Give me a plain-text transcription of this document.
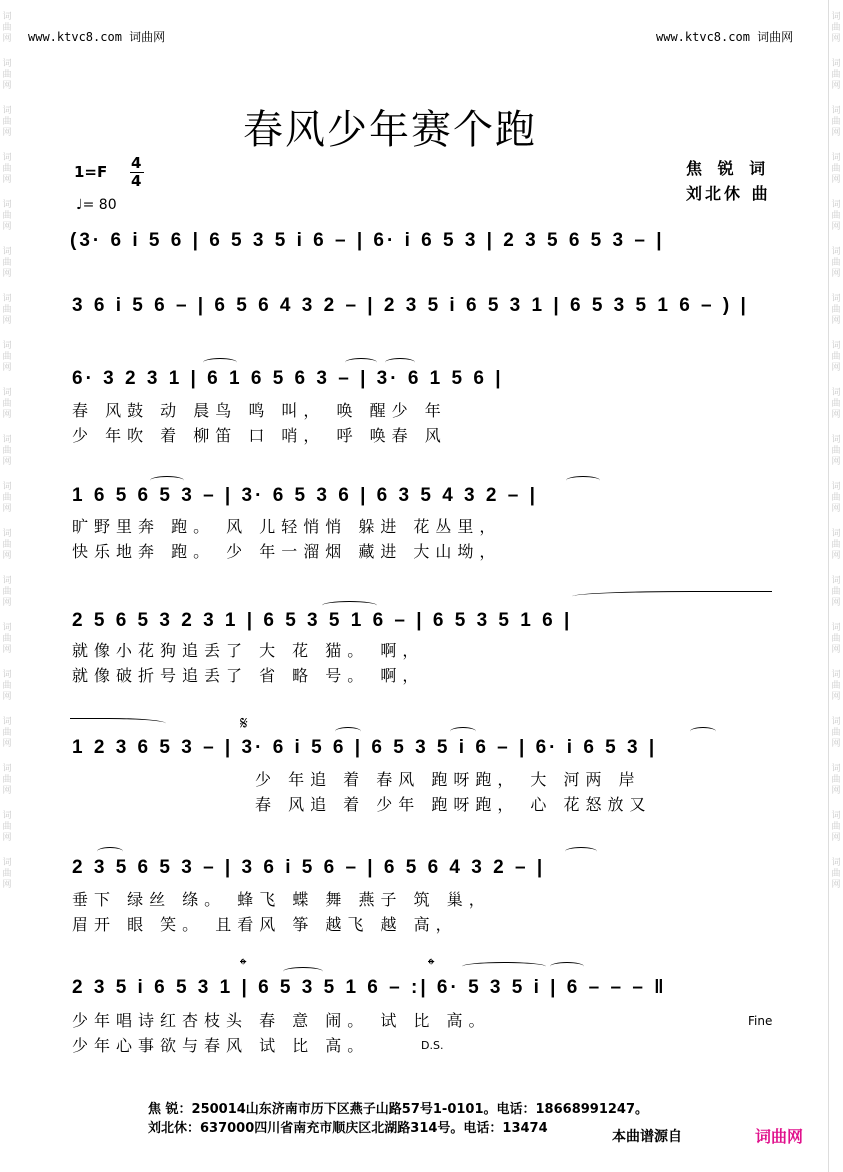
词
曲
网
词
曲
网
词
曲
网
词
曲
网
词
曲
网
词
曲
网
词
曲
网
词
曲
网
词
曲
网
词
曲
网
词
曲
网
词
曲
网
词
曲
网
词
曲
网
词
曲
网
词
曲
网
词
曲
网
词
曲
网
词
曲
网
词
曲
网
词
曲
网
词
曲
网
词
曲
网
词
曲
网
词
曲
网
词
曲
网
词
曲
网
词
曲
网
词
曲
网
词
曲
网
词
曲
网
词
曲
网
词
曲
网
词
曲
网
词
曲
网
词
曲
网
词
曲
网
词
曲
网
www.ktvc8.com 词曲网	www.ktvc8.com 词曲网
春风少年赛个跑
1=F 4
4
♩= 80
焦 锐 词
刘北休 曲
(3· 6 i 5 6 | 6 5 3 5 i 6 – | 6· i 6 5 3 | 2 3 5 6 5 3 – |
3 6 i 5 6 – | 6 5 6 4 3 2 – | 2 3 5 i 6 5 3 1 | 6 5 3 5 1 6 – ) |
6· 3 2 3 1 | 6 1 6 5 6 3 – | 3· 6 1 5 6 |
春 风鼓 动 晨鸟 鸣 叫， 唤 醒少 年
少 年吹 着 柳笛 口 哨， 呼 唤春 风
1 6 5 6 5 3 – | 3· 6 5 3 6 | 6 3 5 4 3 2 – |
旷野里奔 跑。 风 儿轻悄悄 躲进 花丛里，
快乐地奔 跑。 少 年一溜烟 藏进 大山坳，
2 5 6 5 3 2 3 1 | 6 5 3 5 1 6 – | 6 5 3 5 1 6 |
就像小花狗追丢了 大 花 猫。 啊，
就像破折号追丢了 省 略 号。 啊，
𝄋
1 2 3 6 5 3 – | 3· 6 i 5 6 | 6 5 3 5 i 6 – | 6· i 6 5 3 |
少 年追 着 春风 跑呀跑， 大 河两 岸
春 风追 着 少年 跑呀跑， 心 花怒放又
2 3 5 6 5 3 – | 3 6 i 5 6 – | 6 5 6 4 3 2 – |
垂下 绿丝 绦。 蜂飞 蝶 舞 燕子 筑 巢，
眉开 眼 笑。 且看风 筝 越飞 越 高，
𝄌	𝄌
2 3 5 i 6 5 3 1 | 6 5 3 5 1 6 – :| 6· 5 3 5 i | 6 – – – ‖
少年唱诗红杏枝头 春 意 闹。 试 比 高。
少年心事欲与春风 试 比 高。
Fine
D.S.
焦 锐：250014山东济南市历下区燕子山路57号1-0101。电话：18668991247。
刘北休：637000四川省南充市顺庆区北湖路314号。电话：13474
本曲谱源自	词曲网
